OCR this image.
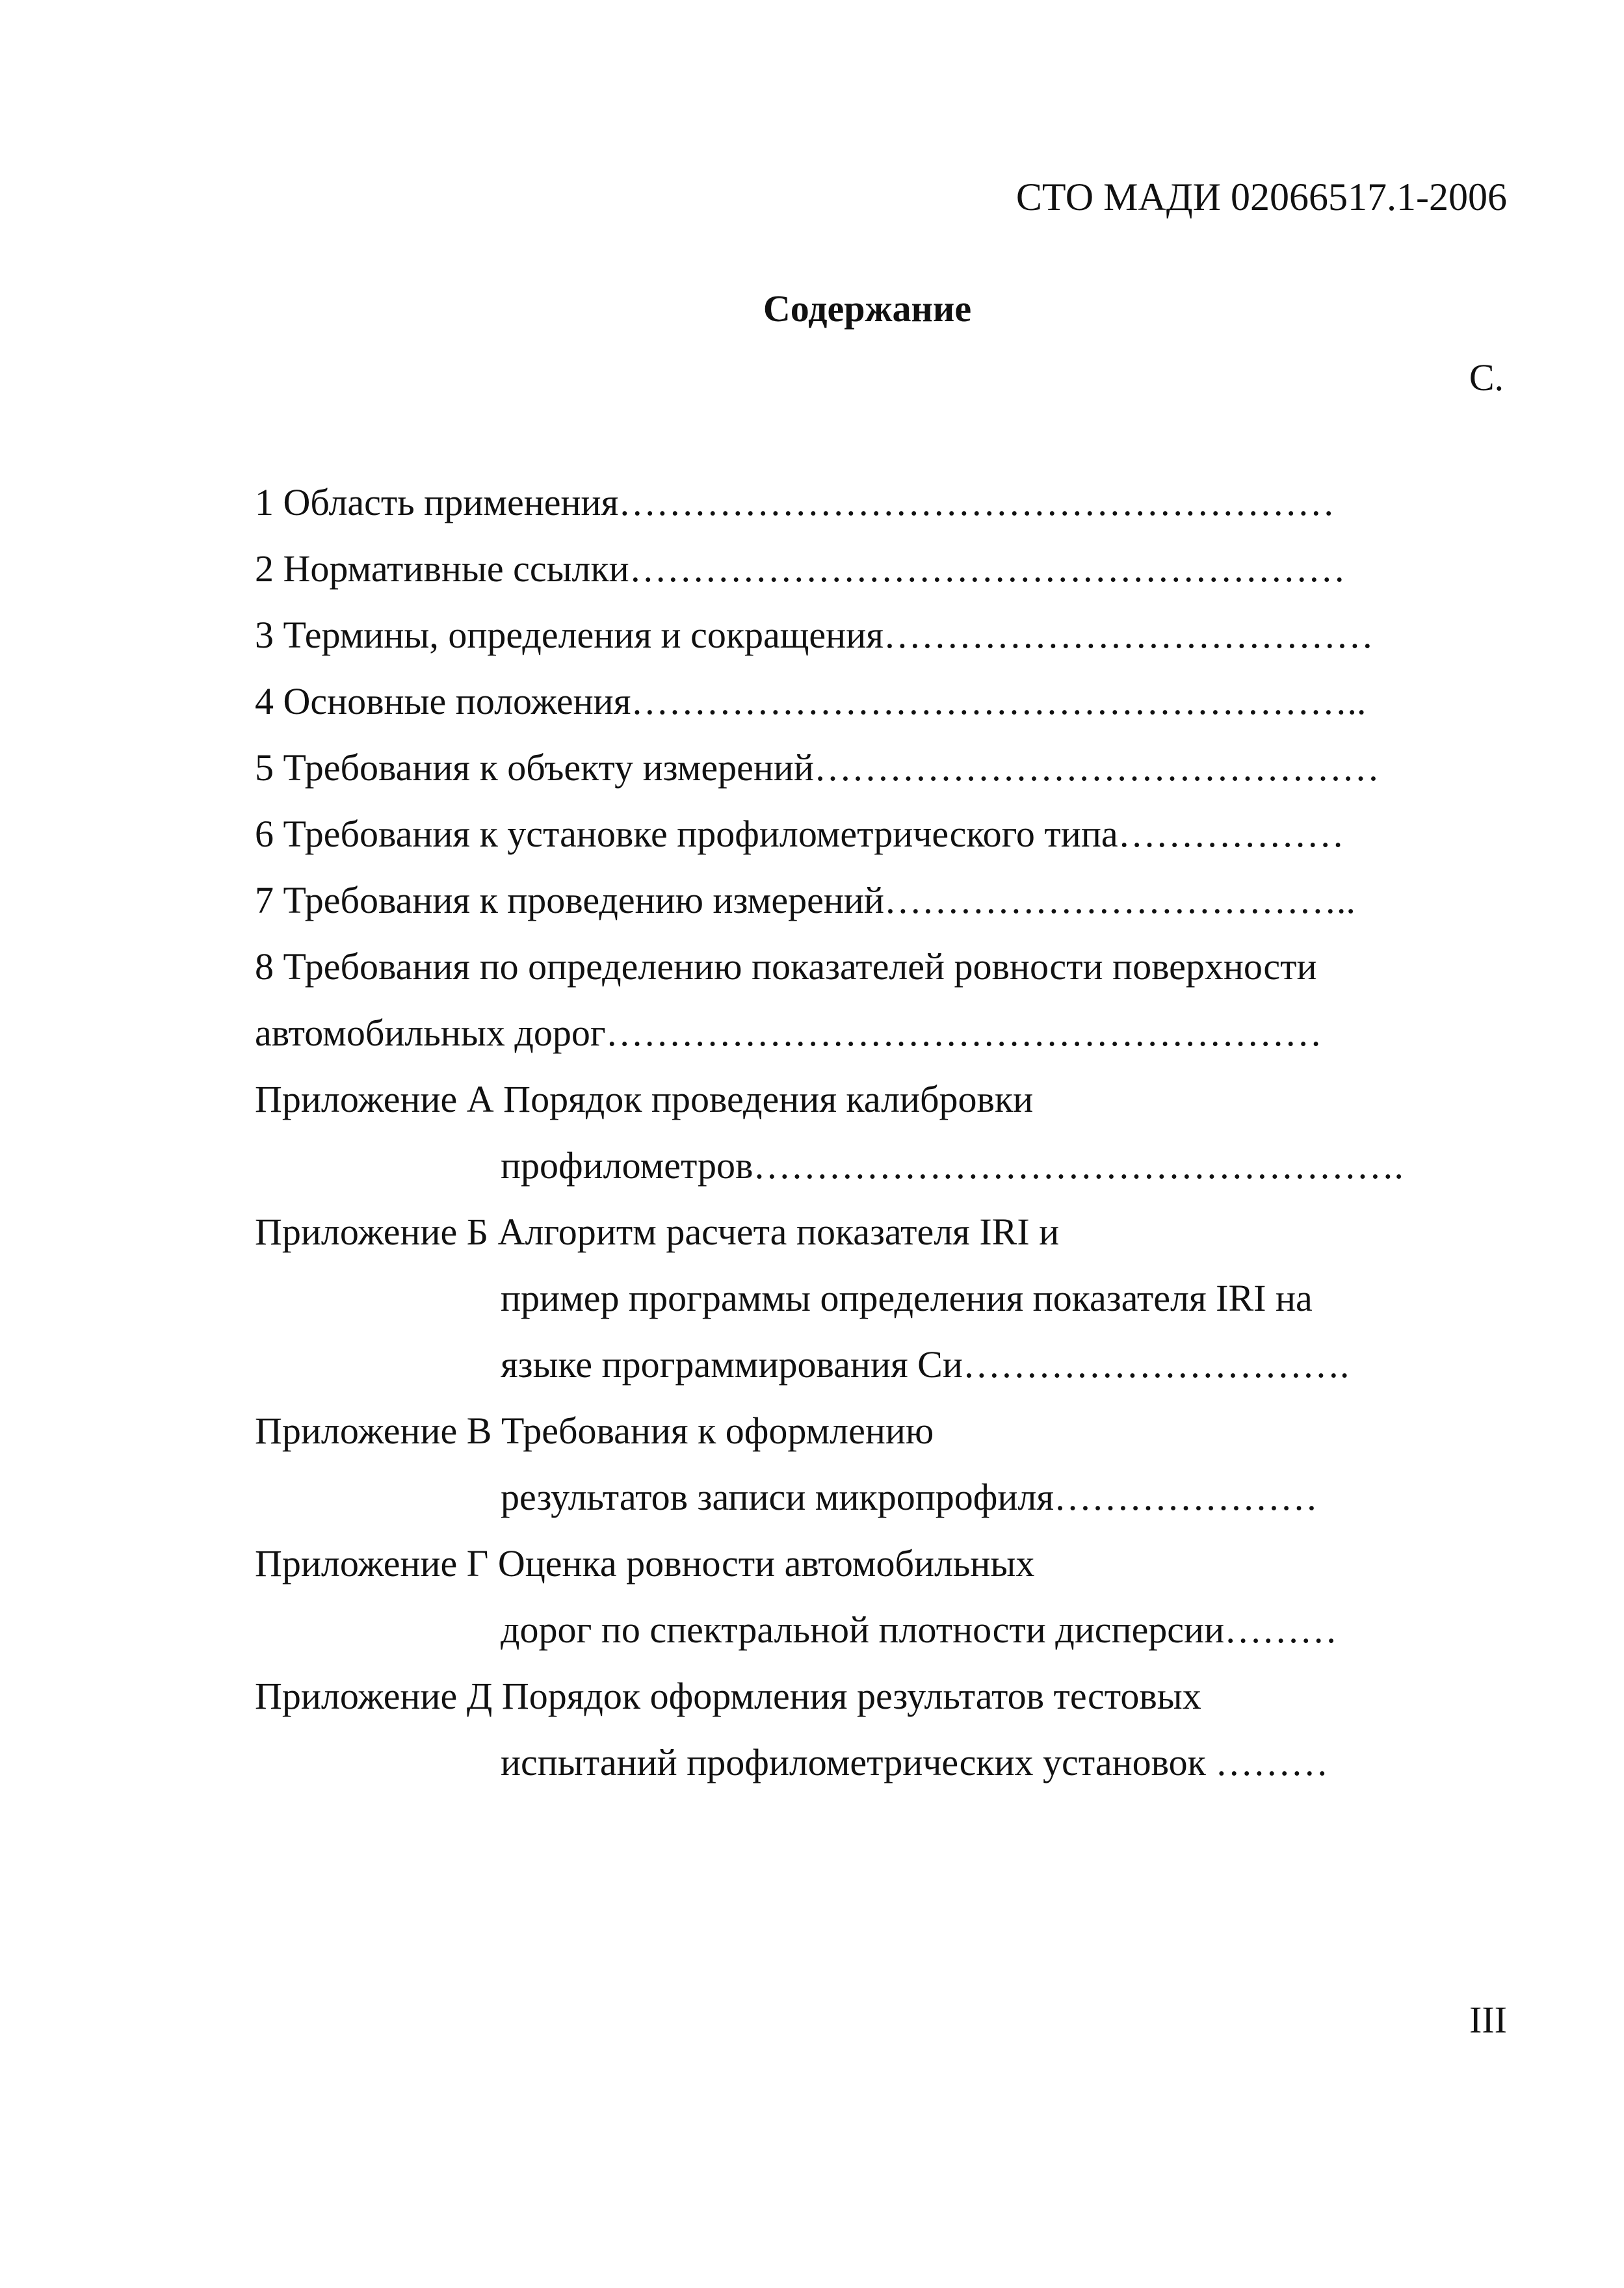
СТО МАДИ 02066517.1-2006
Содержание
С.
1 Область применения…………………………………………………
2 Нормативные ссылки…………………………………………………
3 Термины, определения и сокращения…………………………………
4 Основные положения…………………………………………………..
5 Требования к объекту измерений………………………………………
6 Требования к установке профилометрического типа………………
7 Требования к проведению измерений………………………………..
8 Требования по определению показателей ровности поверхности
автомобильных дорог…………………………………………………
Приложение А Порядок проведения калибровки
профилометров…………………………………………….
Приложение Б Алгоритм расчета показателя IRI и
пример программы определения показателя IRI на
языке программирования Си………………………….
Приложение В Требования к оформлению
результатов записи микропрофиля…………………
Приложение Г Оценка ровности автомобильных
дорог по спектральной плотности дисперсии………
Приложение Д Порядок оформления результатов тестовых
испытаний профилометрических установок ………
III
